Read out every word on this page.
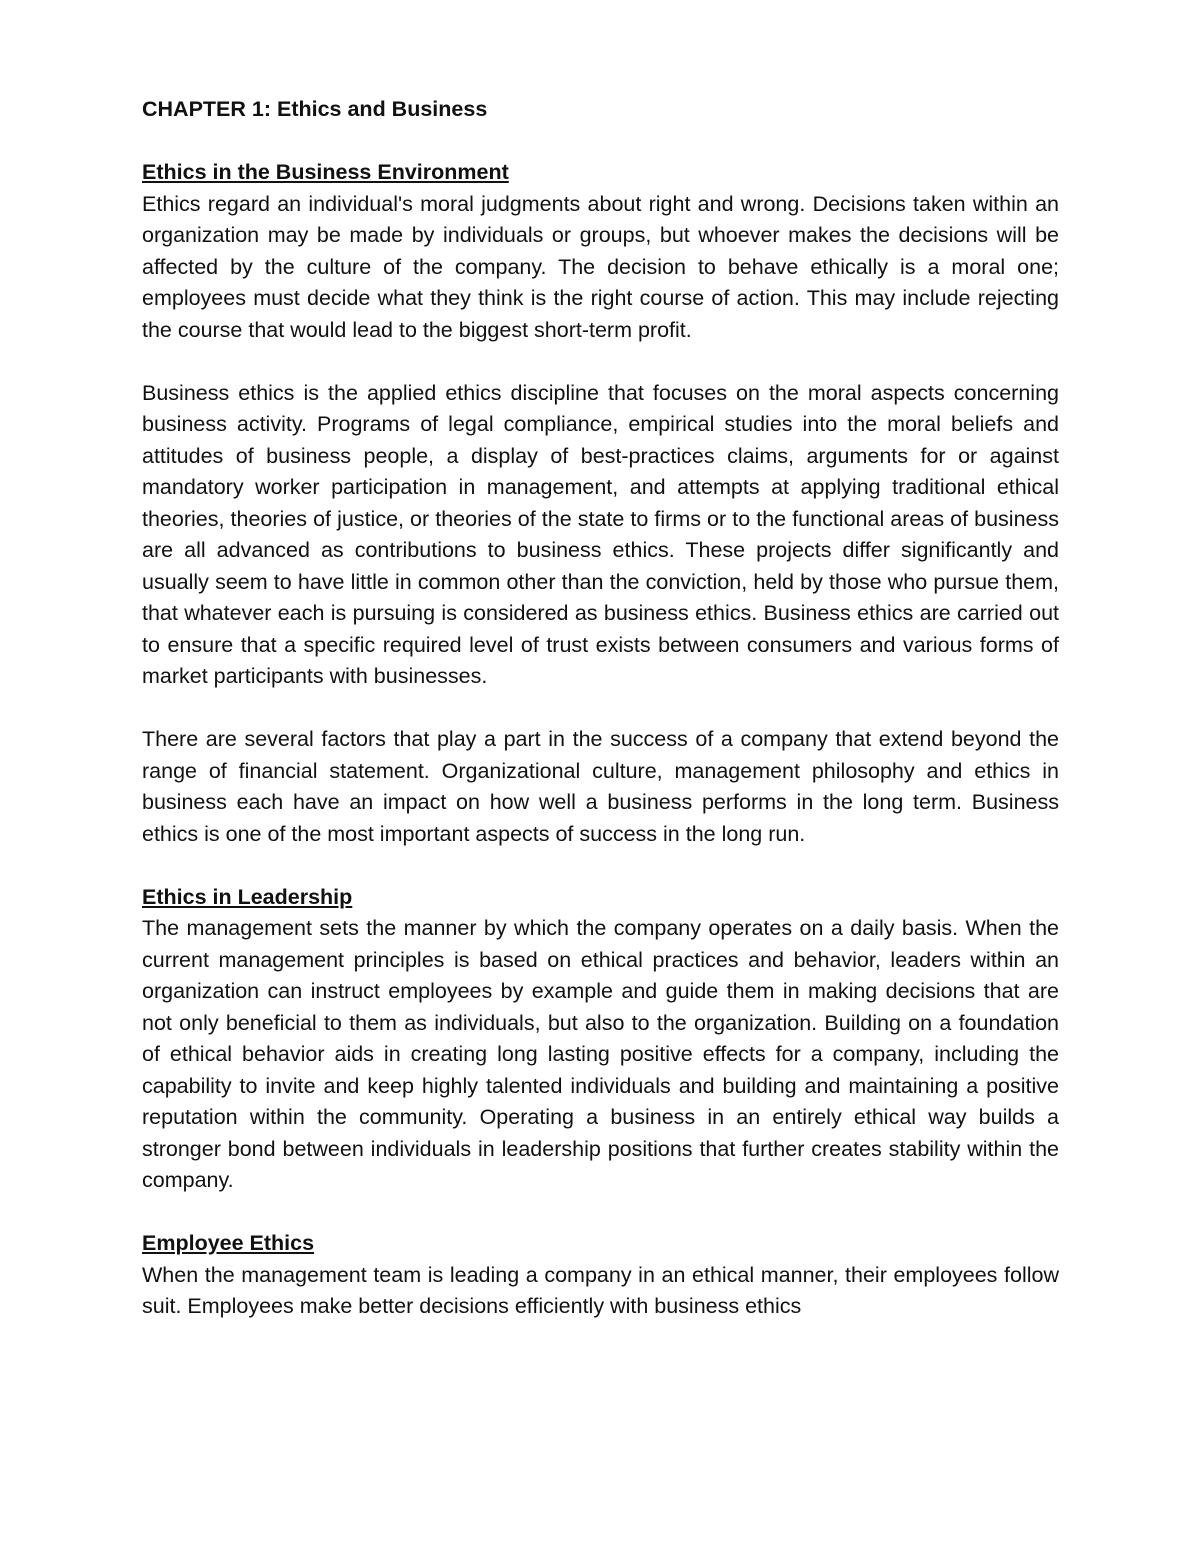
CHAPTER 1: Ethics and Business
Ethics in the Business Environment

Ethics regard an individual's moral judgments about right and wrong. Decisions taken within an organization may be made by individuals or groups, but whoever makes the decisions will be affected by the culture of the company. The decision to behave ethically is a moral one; employees must decide what they think is the right course of action. This may include rejecting the course that would lead to the biggest short-term profit.

Business ethics is the applied ethics discipline that focuses on the moral aspects concerning business activity. Programs of legal compliance, empirical studies into the moral beliefs and attitudes of business people, a display of best-practices claims, arguments for or against mandatory worker participation in management, and attempts at applying traditional ethical theories, theories of justice, or theories of the state to firms or to the functional areas of business are all advanced as contributions to business ethics. These projects differ significantly and usually seem to have little in common other than the conviction, held by those who pursue them, that whatever each is pursuing is considered as business ethics. Business ethics are carried out to ensure that a specific required level of trust exists between consumers and various forms of market participants with businesses.

There are several factors that play a part in the success of a company that extend beyond the range of financial statement. Organizational culture, management philosophy and ethics in business each have an impact on how well a business performs in the long term. Business ethics is one of the most important aspects of success in the long run.

Ethics in Leadership

The management sets the manner by which the company operates on a daily basis. When the current management principles is based on ethical practices and behavior, leaders within an organization can instruct employees by example and guide them in making decisions that are not only beneficial to them as individuals, but also to the organization. Building on a foundation of ethical behavior aids in creating long lasting positive effects for a company, including the capability to invite and keep highly talented individuals and building and maintaining a positive reputation within the community. Operating a business in an entirely ethical way builds a stronger bond between individuals in leadership positions that further creates stability within the company.

Employee Ethics

When the management team is leading a company in an ethical manner, their employees follow suit. Employees make better decisions efficiently with business ethics
